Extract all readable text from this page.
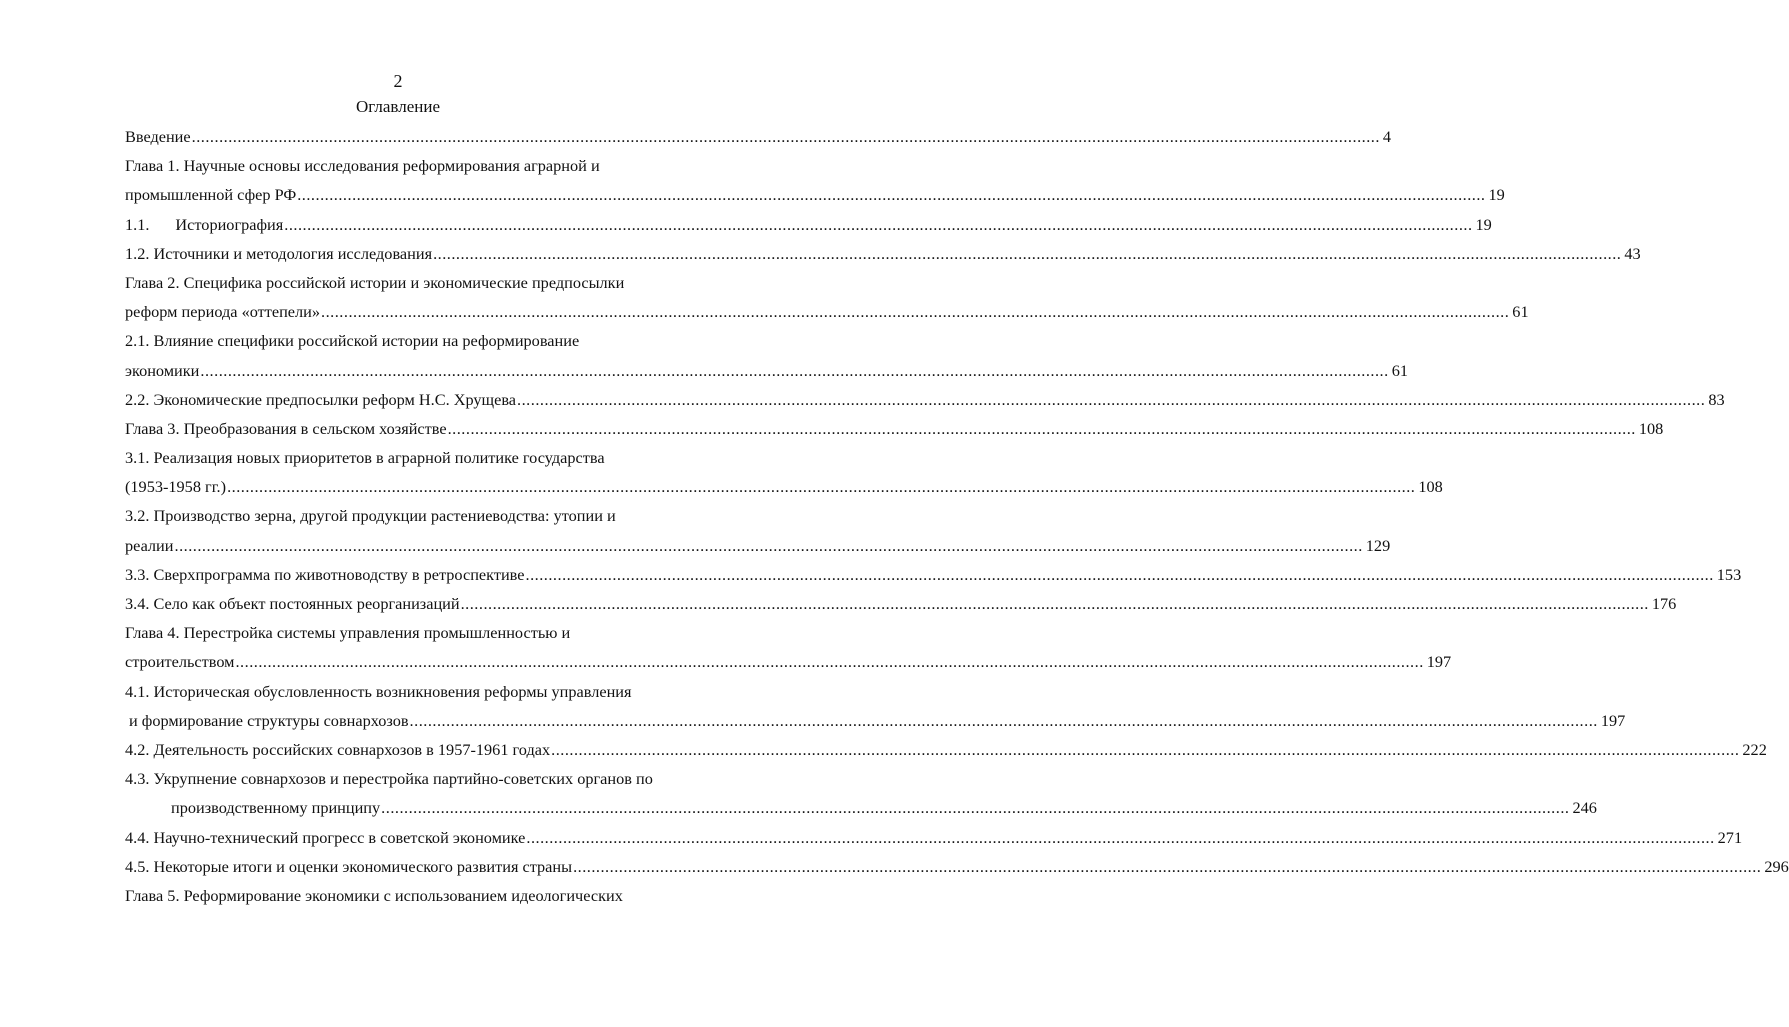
2
Оглавление
Введение .................................................................................................................................................................................................................................................................... 4
Глава 1. Научные основы исследования реформирования аграрной и
промышленной сфер РФ .................................................................................................................................................................................................................................................................... 19
1.1. Историография .................................................................................................................................................................................................................................................................... 19
1.2. Источники и методология исследования .................................................................................................................................................................................................................................................................... 43
Глава 2. Специфика российской истории и экономические предпосылки
реформ периода «оттепели» .................................................................................................................................................................................................................................................................... 61
2.1. Влияние специфики российской истории на реформирование
экономики .................................................................................................................................................................................................................................................................... 61
2.2. Экономические предпосылки реформ Н.С. Хрущева .................................................................................................................................................................................................................................................................... 83
Глава 3. Преобразования в сельском хозяйстве .................................................................................................................................................................................................................................................................... 108
3.1. Реализация новых приоритетов в аграрной политике государства
(1953-1958 гг.) .................................................................................................................................................................................................................................................................... 108
3.2. Производство зерна, другой продукции растениеводства: утопии и
реалии .................................................................................................................................................................................................................................................................... 129
3.3. Сверхпрограмма по животноводству в ретроспективе .................................................................................................................................................................................................................................................................... 153
3.4. Село как объект постоянных реорганизаций .................................................................................................................................................................................................................................................................... 176
Глава 4. Перестройка системы управления промышленностью и
строительством .................................................................................................................................................................................................................................................................... 197
4.1. Историческая обусловленность возникновения реформы управления
и формирование структуры совнархозов .................................................................................................................................................................................................................................................................... 197
4.2. Деятельность российских совнархозов в 1957-1961 годах .................................................................................................................................................................................................................................................................... 222
4.3. Укрупнение совнархозов и перестройка партийно-советских органов по
производственному принципу .................................................................................................................................................................................................................................................................... 246
4.4. Научно-технический прогресс в советской экономике .................................................................................................................................................................................................................................................................... 271
4.5. Некоторые итоги и оценки экономического развития страны .................................................................................................................................................................................................................................................................... 296
Глава 5. Реформирование экономики с использованием идеологических
